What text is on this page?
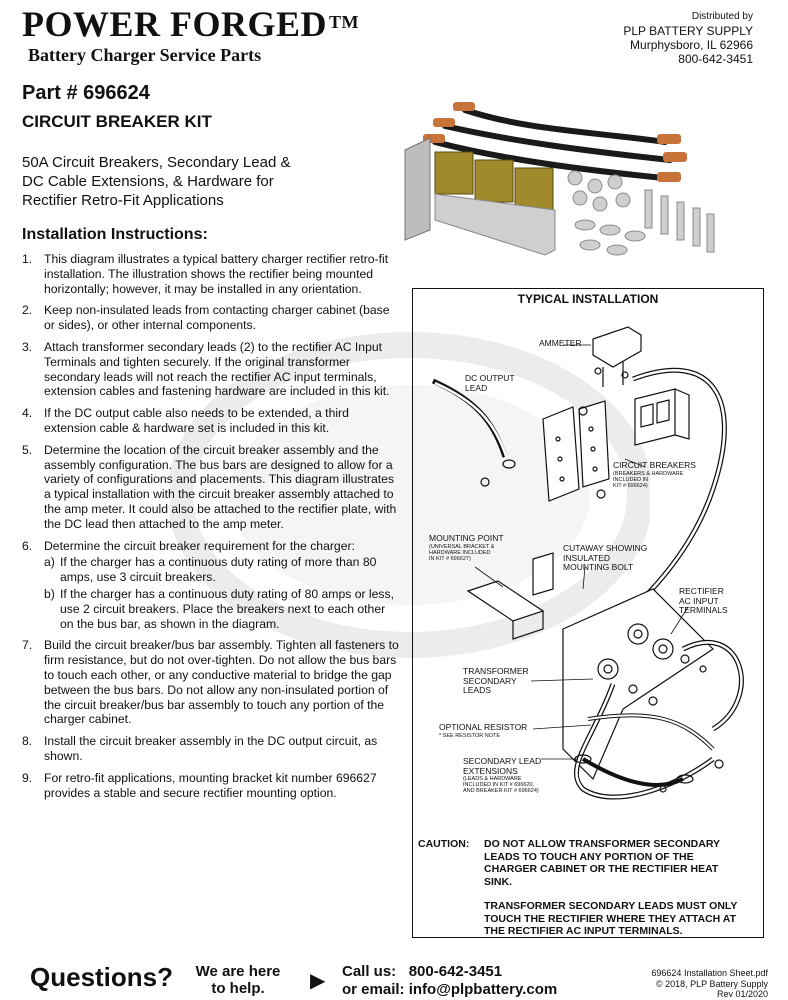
POWER FORGED ™
Battery Charger Service Parts
Distributed by
PLP BATTERY SUPPLY
Murphysboro, IL 62966
800-642-3451
Part # 696624
CIRCUIT BREAKER KIT
50A Circuit Breakers, Secondary Lead &
DC Cable Extensions, & Hardware for
Rectifier Retro-Fit Applications
Installation Instructions:
1. This diagram illustrates a typical battery charger rectifier retro-fit installation. The illustration shows the rectifier being mounted horizontally; however, it may be installed in any orientation.
2. Keep non-insulated leads from contacting charger cabinet (base or sides), or other internal components.
3. Attach transformer secondary leads (2) to the rectifier AC Input Terminals and tighten securely. If the original transformer secondary leads will not reach the rectifier AC input terminals, extension cables and fastening hardware are included in this kit.
4. If the DC output cable also needs to be extended, a third extension cable & hardware set is included in this kit.
5. Determine the location of the circuit breaker assembly and the assembly configuration. The bus bars are designed to allow for a variety of configurations and placements. This diagram illustrates a typical installation with the circuit breaker assembly attached to the amp meter. It could also be attached to the rectifier plate, with the DC lead then attached to the amp meter.
6. Determine the circuit breaker requirement for the charger:
a) If the charger has a continuous duty rating of more than 80 amps, use 3 circuit breakers.
b) If the charger has a continuous duty rating of 80 amps or less, use 2 circuit breakers. Place the breakers next to each other on the bus bar, as shown in the diagram.
7. Build the circuit breaker/bus bar assembly. Tighten all fasteners to firm resistance, but do not over-tighten. Do not allow the bus bars to touch each other, or any conductive material to bridge the gap between the bus bars. Do not allow any non-insulated portion of the circuit breaker/bus bar assembly to touch any portion of the charger cabinet.
8. Install the circuit breaker assembly in the DC output circuit, as shown.
9. For retro-fit applications, mounting bracket kit number 696627 provides a stable and secure rectifier mounting option.
TYPICAL INSTALLATION
AMMETER
DC OUTPUT
LEAD
CIRCUIT BREAKERS
(BREAKERS & HARDWARE
INCLUDED IN
KIT # 696624)
MOUNTING POINT
(UNIVERSAL BRACKET &
HARDWARE INCLUDED
IN KIT # 696627)
CUTAWAY SHOWING
INSULATED
MOUNTING BOLT
RECTIFIER
AC INPUT
TERMINALS
TRANSFORMER
SECONDARY
LEADS
OPTIONAL RESISTOR
* SEE RESISTOR NOTE
SECONDARY LEAD
EXTENSIONS
(LEADS & HARDWARE
INCLUDED IN KIT # 696620,
AND BREAKER KIT # 696624)
CAUTION:	DO NOT ALLOW TRANSFORMER SECONDARY
LEADS TO TOUCH ANY PORTION OF THE
CHARGER CABINET OR THE RECTIFIER HEAT
SINK.
TRANSFORMER SECONDARY LEADS MUST ONLY
TOUCH THE RECTIFIER WHERE THEY ATTACH AT
THE RECTIFIER AC INPUT TERMINALS.
Questions? We are here
to help.	▶ Call us: 800-642-3451
or email: info@plpbattery.com
696624 Installation Sheet.pdf
© 2018, PLP Battery Supply
Rev 01/2020
